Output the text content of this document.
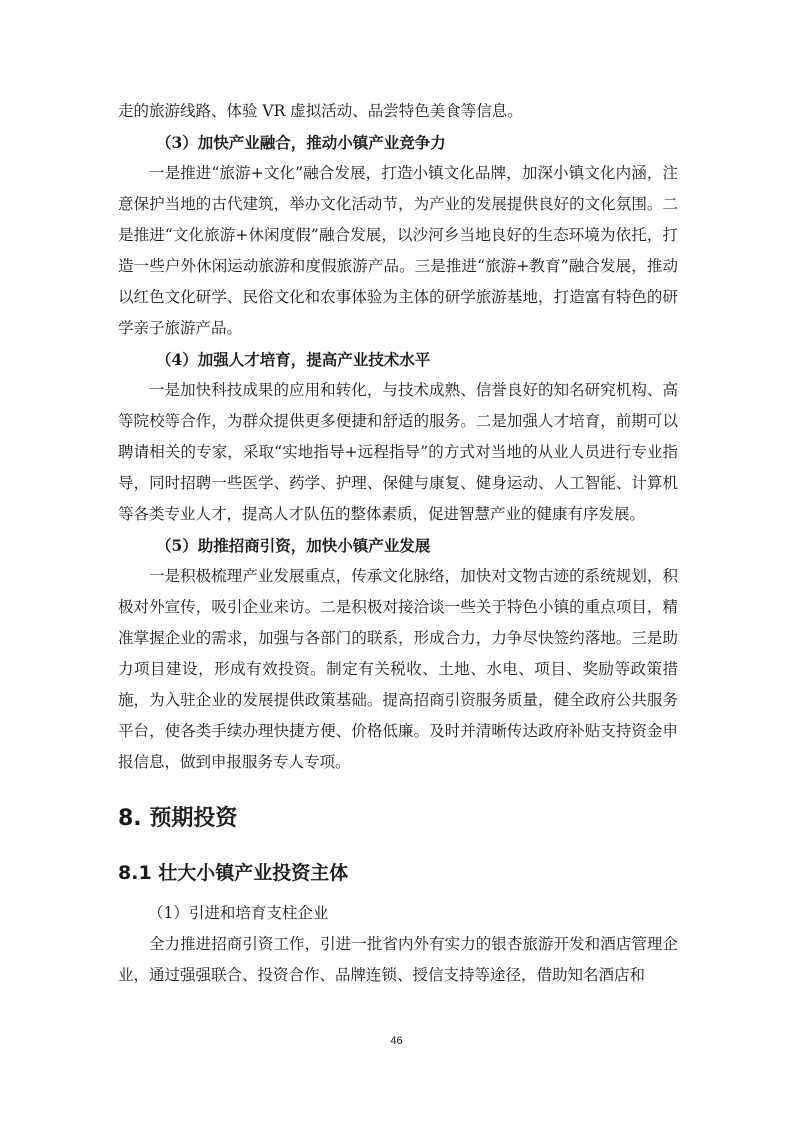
走的旅游线路、体验 VR 虚拟活动、品尝特色美食等信息。

（3）加快产业融合，推动小镇产业竞争力

一是推进“旅游+文化”融合发展，打造小镇文化品牌，加深小镇文化内涵，注意保护当地的古代建筑，举办文化活动节，为产业的发展提供良好的文化氛围。二是推进“文化旅游+休闲度假”融合发展，以沙河乡当地良好的生态环境为依托，打造一些户外休闲运动旅游和度假旅游产品。三是推进“旅游+教育”融合发展，推动以红色文化研学、民俗文化和农事体验为主体的研学旅游基地，打造富有特色的研学亲子旅游产品。

（4）加强人才培育，提高产业技术水平

一是加快科技成果的应用和转化，与技术成熟、信誉良好的知名研究机构、高等院校等合作，为群众提供更多便捷和舒适的服务。二是加强人才培育，前期可以聘请相关的专家，采取“实地指导+远程指导”的方式对当地的从业人员进行专业指导，同时招聘一些医学、药学、护理、保健与康复、健身运动、人工智能、计算机等各类专业人才，提高人才队伍的整体素质，促进智慧产业的健康有序发展。

（5）助推招商引资，加快小镇产业发展

一是积极梳理产业发展重点，传承文化脉络，加快对文物古迹的系统规划，积极对外宣传，吸引企业来访。二是积极对接洽谈一些关于特色小镇的重点项目，精准掌握企业的需求，加强与各部门的联系，形成合力，力争尽快签约落地。三是助力项目建设，形成有效投资。制定有关税收、土地、水电、项目、奖励等政策措施，为入驻企业的发展提供政策基础。提高招商引资服务质量，健全政府公共服务平台，使各类手续办理快捷方便、价格低廉。及时并清晰传达政府补贴支持资金申报信息，做到申报服务专人专项。

8. 预期投资
8.1 壮大小镇产业投资主体
（1）引进和培育支柱企业

全力推进招商引资工作，引进一批省内外有实力的银杏旅游开发和酒店管理企业，通过强强联合、投资合作、品牌连锁、授信支持等途径，借助知名酒店和

46
